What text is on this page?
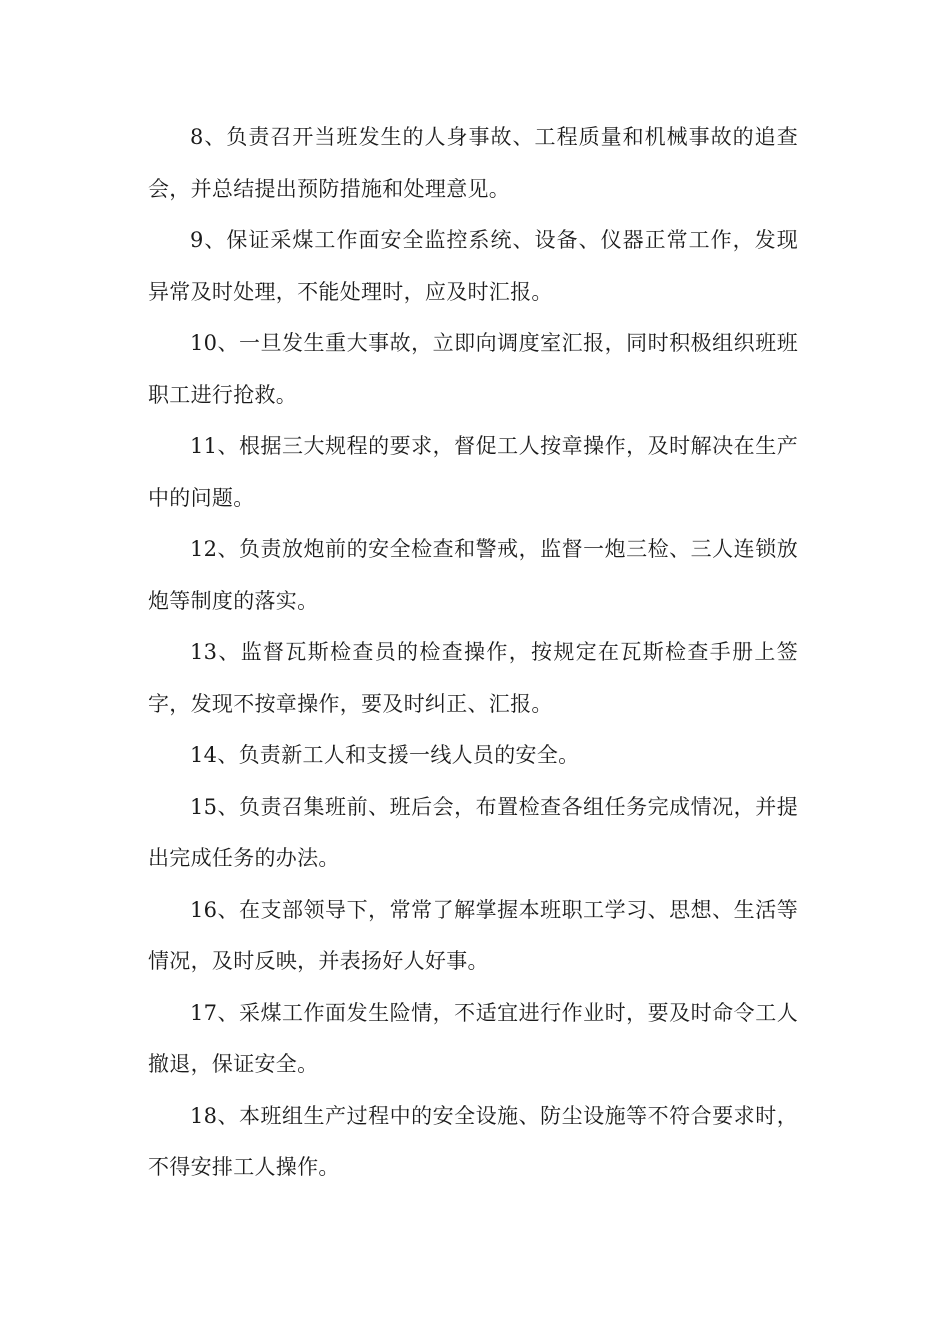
8、负责召开当班发生的人身事故、工程质量和机械事故的追查会，并总结提出预防措施和处理意见。

9、保证采煤工作面安全监控系统、设备、仪器正常工作，发现异常及时处理，不能处理时，应及时汇报。

10、一旦发生重大事故，立即向调度室汇报，同时积极组织班班职工进行抢救。

11、根据三大规程的要求，督促工人按章操作，及时解决在生产中的问题。

12、负责放炮前的安全检查和警戒，监督一炮三检、三人连锁放炮等制度的落实。

13、监督瓦斯检查员的检查操作，按规定在瓦斯检查手册上签字，发现不按章操作，要及时纠正、汇报。

14、负责新工人和支援一线人员的安全。

15、负责召集班前、班后会，布置检查各组任务完成情况，并提出完成任务的办法。

16、在支部领导下，常常了解掌握本班职工学习、思想、生活等情况，及时反映，并表扬好人好事。

17、采煤工作面发生险情，不适宜进行作业时，要及时命令工人撤退，保证安全。

18、本班组生产过程中的安全设施、防尘设施等不符合要求时，不得安排工人操作。
